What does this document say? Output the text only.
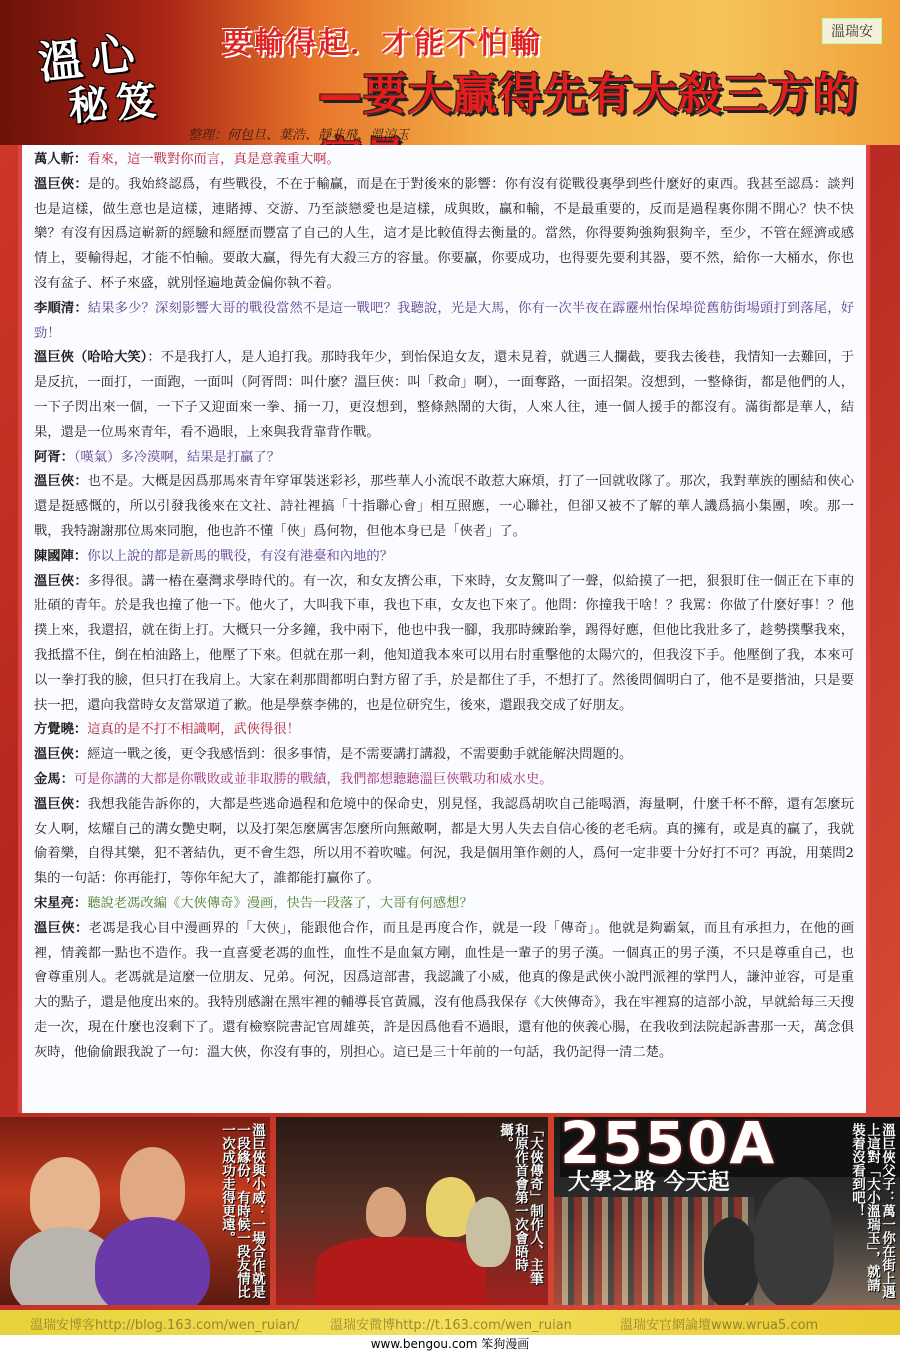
溫心
秘笈
要輸得起．才能不怕輸
—要大贏得先有大殺三方的
溫瑞安
整理：何包旦、葉浩、靜非飛、溫涼玉

萬人斬：看來，這一戰對你而言，真是意義重大啊。

溫巨俠：是的。我始終認爲，有些戰役，不在于輸贏，而是在于對後來的影響：你有沒有從戰役裏學到些什麼好的東西。我甚至認爲：談判也是這樣，做生意也是這樣，連賭搏、交游、乃至談戀愛也是這樣，成與敗，贏和輸，不是最重要的，反而是過程裏你開不開心？快不快樂？有沒有因爲這嶄新的經驗和經歷而豐富了自己的人生，這才是比較值得去衡量的。當然，你得要夠強夠狠夠辛，至少，不管在經濟或感情上，要輸得起，才能不怕輸。要敢大贏，得先有大殺三方的容量。你要贏，你要成功，也得要先要利其器，要不然，給你一大桶水，你也沒有盆子、杯子來盛，就別怪遍地黃金偏你執不着。

李順清：結果多少？深刻影響大哥的戰役當然不是這一戰吧？我聽說，光是大馬，你有一次半夜在霹靂州怡保埠從舊舫街場頭打到落尾，好勁！

溫巨俠（哈哈大笑）：不是我打人，是人追打我。那時我年少，到怡保追女友，還未見着，就遇三人攔截，要我去後巷，我情知一去難回，于是反抗，一面打，一面跑，一面叫（阿胥問：叫什麼？溫巨俠：叫「救命」啊），一面奪路，一面招架。沒想到，一整條街，都是他們的人，一下子閃出來一個，一下子又迎面來一拳、捅一刀，更沒想到，整條熱鬧的大街，人來人往，連一個人援手的都沒有。滿街都是華人，結果，還是一位馬來青年，看不過眼，上來與我背靠背作戰。

阿胥：（嘆氣）多冷漠啊，結果是打贏了？

溫巨俠：也不是。大概是因爲那馬來青年穿軍裝迷彩衫，那些華人小流氓不敢惹大麻煩，打了一回就收隊了。那次，我對華族的團結和俠心還是挺感慨的，所以引發我後來在文社、詩社裡搞「十指聯心會」相互照應，一心聯社，但卻又被不了解的華人譏爲搞小集團，唉。那一戰，我特謝謝那位馬來同胞，他也許不懂「俠」爲何物，但他本身已是「俠者」了。

陳國陣：你以上說的都是新馬的戰役，有沒有港臺和內地的？

溫巨俠：多得很。講一樁在臺灣求學時代的。有一次，和女友擠公車，下來時，女友驚叫了一聲，似給摸了一把，狠狠盯住一個正在下車的壯碩的青年。於是我也撞了他一下。他火了，大叫我下車，我也下車，女友也下來了。他問：你撞我干啥！？我罵：你做了什麼好事！？他撲上來，我還招，就在街上打。大概只一分多鐘，我中兩下，他也中我一腳，我那時練跆拳，踢得好應，但他比我壯多了，趁勢撲擊我來，我抵擋不住，倒在柏油路上，他壓了下來。但就在那一剎，他知道我本來可以用右肘重擊他的太陽穴的，但我沒下手。他壓倒了我，本來可以一拳打我的臉，但只打在我肩上。大家在剎那間都明白對方留了手，於是都住了手，不想打了。然後問個明白了，他不是要揩油，只是要扶一把，還向我當時女友當眾道了歉。他是學蔡李佛的，也是位研究生，後來，還跟我交成了好朋友。

方覺曉：這真的是不打不相識啊，武俠得很！

溫巨俠：經這一戰之後，更令我感悟到：很多事情，是不需要講打講殺，不需要動手就能解決問題的。

金馬：可是你講的大都是你戰敗或並非取勝的戰績，我們都想聽聽溫巨俠戰功和威水史。

溫巨俠：我想我能告訴你的，大都是些逃命過程和危境中的保命史，別見怪，我認爲胡吹自己能喝酒，海量啊，什麼千杯不醉，還有怎麼玩女人啊，炫耀自己的溝女艷史啊，以及打架怎麼厲害怎麼所向無敵啊，都是大男人失去自信心後的老毛病。真的擁有，或是真的贏了，我就偷着樂，自得其樂，犯不著結仇，更不會生怨，所以用不着吹噓。何況，我是個用筆作劍的人，爲何一定非要十分好打不可？再說，用葉問2集的一句話：你再能打，等你年紀大了，誰都能打贏你了。

宋星亮：聽說老馮改編《大俠傳奇》漫画，快告一段落了，大哥有何感想？

溫巨俠：老馮是我心目中漫画界的「大俠」，能跟他合作，而且是再度合作，就是一段「傳奇」。他就是夠霸氣，而且有承担力，在他的画裡，情義都一點也不造作。我一直喜愛老馮的血性，血性不是血氣方剛，血性是一輩子的男子漢。一個真正的男子漢，不只是尊重自己，也會尊重別人。老馮就是這麼一位朋友、兄弟。何況，因爲這部書，我認識了小威，他真的像是武俠小說門派裡的掌門人，謙沖並容，可是重大的點子，還是他度出來的。我特別感謝在黑牢裡的輔導長官黃鳳，沒有他爲我保存《大俠傳奇》，我在牢裡寫的這部小說，早就給每三天搜走一次，現在什麼也沒剩下了。還有檢察院書記官周雄英，許是因爲他看不過眼，還有他的俠義心腸，在我收到法院起訴書那一天，萬念俱灰時，他偷偷跟我說了一句：溫大俠，你沒有事的，別担心。這已是三十年前的一句話，我仍記得一清二楚。

溫巨俠與小威：一場合作就是一段緣份，有時候一段友情比一次成功走得更遠。	「大俠傳奇」制作人、主筆和原作首會第一次會晤時攝。 2550A
大學之路 今天起	溫巨俠父子：萬一你在街上遇上這對「大小溫瑞玉」，就請裝着沒看到吧！
溫瑞安博客http://blog.163.com/wen_ruian/ 溫瑞安微博http://t.163.com/wen_ruian	溫瑞安官網論壇www.wrua5.com
www.bengou.com 笨狗漫画
